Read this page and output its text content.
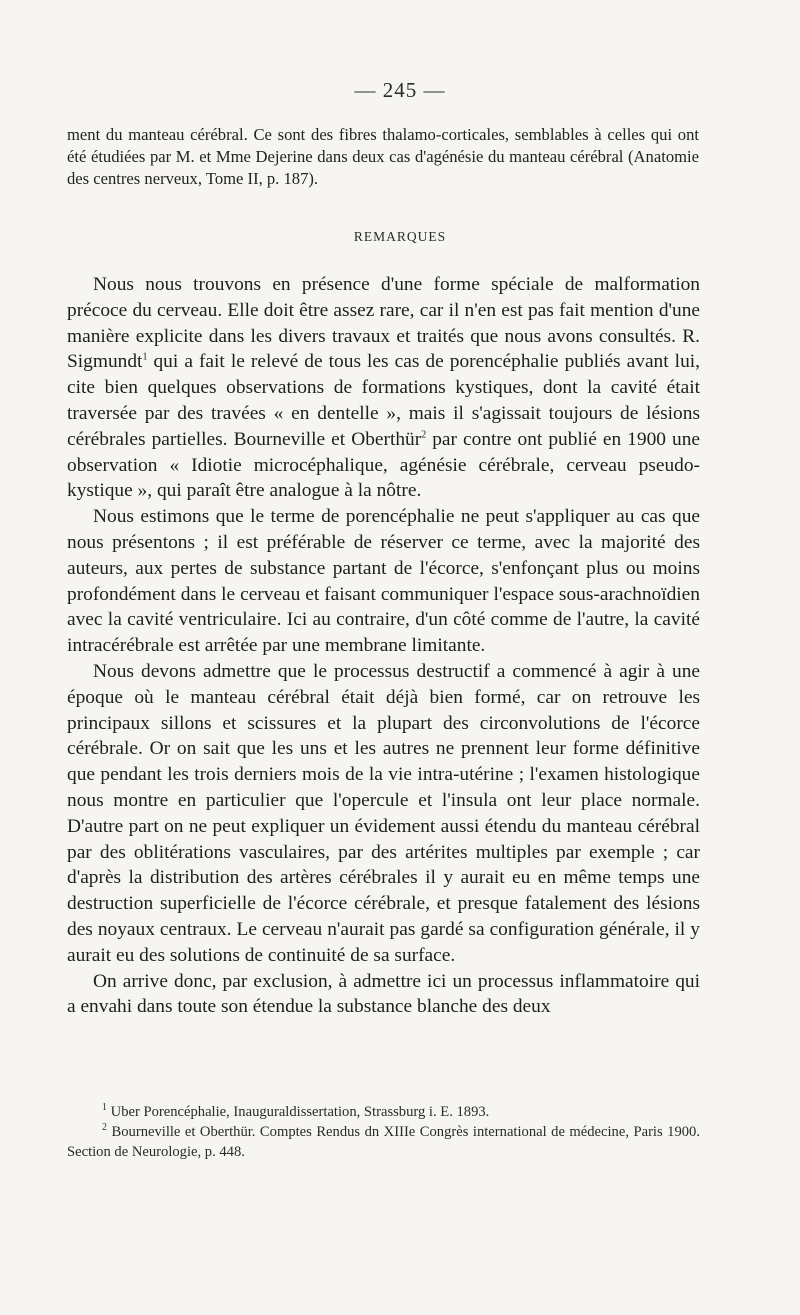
— 245 —
ment du manteau cérébral. Ce sont des fibres thalamo-corticales, semblables à celles qui ont été étudiées par M. et Mme Dejerine dans deux cas d'agénésie du manteau cérébral (Anatomie des centres nerveux, Tome II, p. 187).
REMARQUES

Nous nous trouvons en présence d'une forme spéciale de malformation précoce du cerveau. Elle doit être assez rare, car il n'en est pas fait mention d'une manière explicite dans les divers travaux et traités que nous avons consultés. R. Sigmundt$^1$ qui a fait le relevé de tous les cas de porencéphalie publiés avant lui, cite bien quelques observations de formations kystiques, dont la cavité était traversée par des travées « en dentelle », mais il s'agissait toujours de lésions cérébrales partielles. Bourneville et Oberthür$^2$ par contre ont publié en 1900 une observation « Idiotie microcéphalique, agénésie cérébrale, cerveau pseudo-kystique », qui paraît être analogue à la nôtre.

Nous estimons que le terme de porencéphalie ne peut s'appliquer au cas que nous présentons ; il est préférable de réserver ce terme, avec la majorité des auteurs, aux pertes de substance partant de l'écorce, s'enfonçant plus ou moins profondément dans le cerveau et faisant communiquer l'espace sous-arachnoïdien avec la cavité ventriculaire. Ici au contraire, d'un côté comme de l'autre, la cavité intracérébrale est arrêtée par une membrane limitante.

Nous devons admettre que le processus destructif a commencé à agir à une époque où le manteau cérébral était déjà bien formé, car on retrouve les principaux sillons et scissures et la plupart des circonvolutions de l'écorce cérébrale. Or on sait que les uns et les autres ne prennent leur forme définitive que pendant les trois derniers mois de la vie intra-utérine ; l'examen histologique nous montre en particulier que l'opercule et l'insula ont leur place normale. D'autre part on ne peut expliquer un évidement aussi étendu du manteau cérébral par des oblitérations vasculaires, par des artérites multiples par exemple ; car d'après la distribution des artères cérébrales il y aurait eu en même temps une destruction superficielle de l'écorce cérébrale, et presque fatalement des lésions des noyaux centraux. Le cerveau n'aurait pas gardé sa configuration générale, il y aurait eu des solutions de continuité de sa surface.

On arrive donc, par exclusion, à admettre ici un processus inflammatoire qui a envahi dans toute son étendue la substance blanche des deux

$^1$ Uber Porencéphalie, Inauguraldissertation, Strassburg i. E. 1893.

$^2$ Bourneville et Oberthür. Comptes Rendus dn XIIIe Congrès international de médecine, Paris 1900. Section de Neurologie, p. 448.
